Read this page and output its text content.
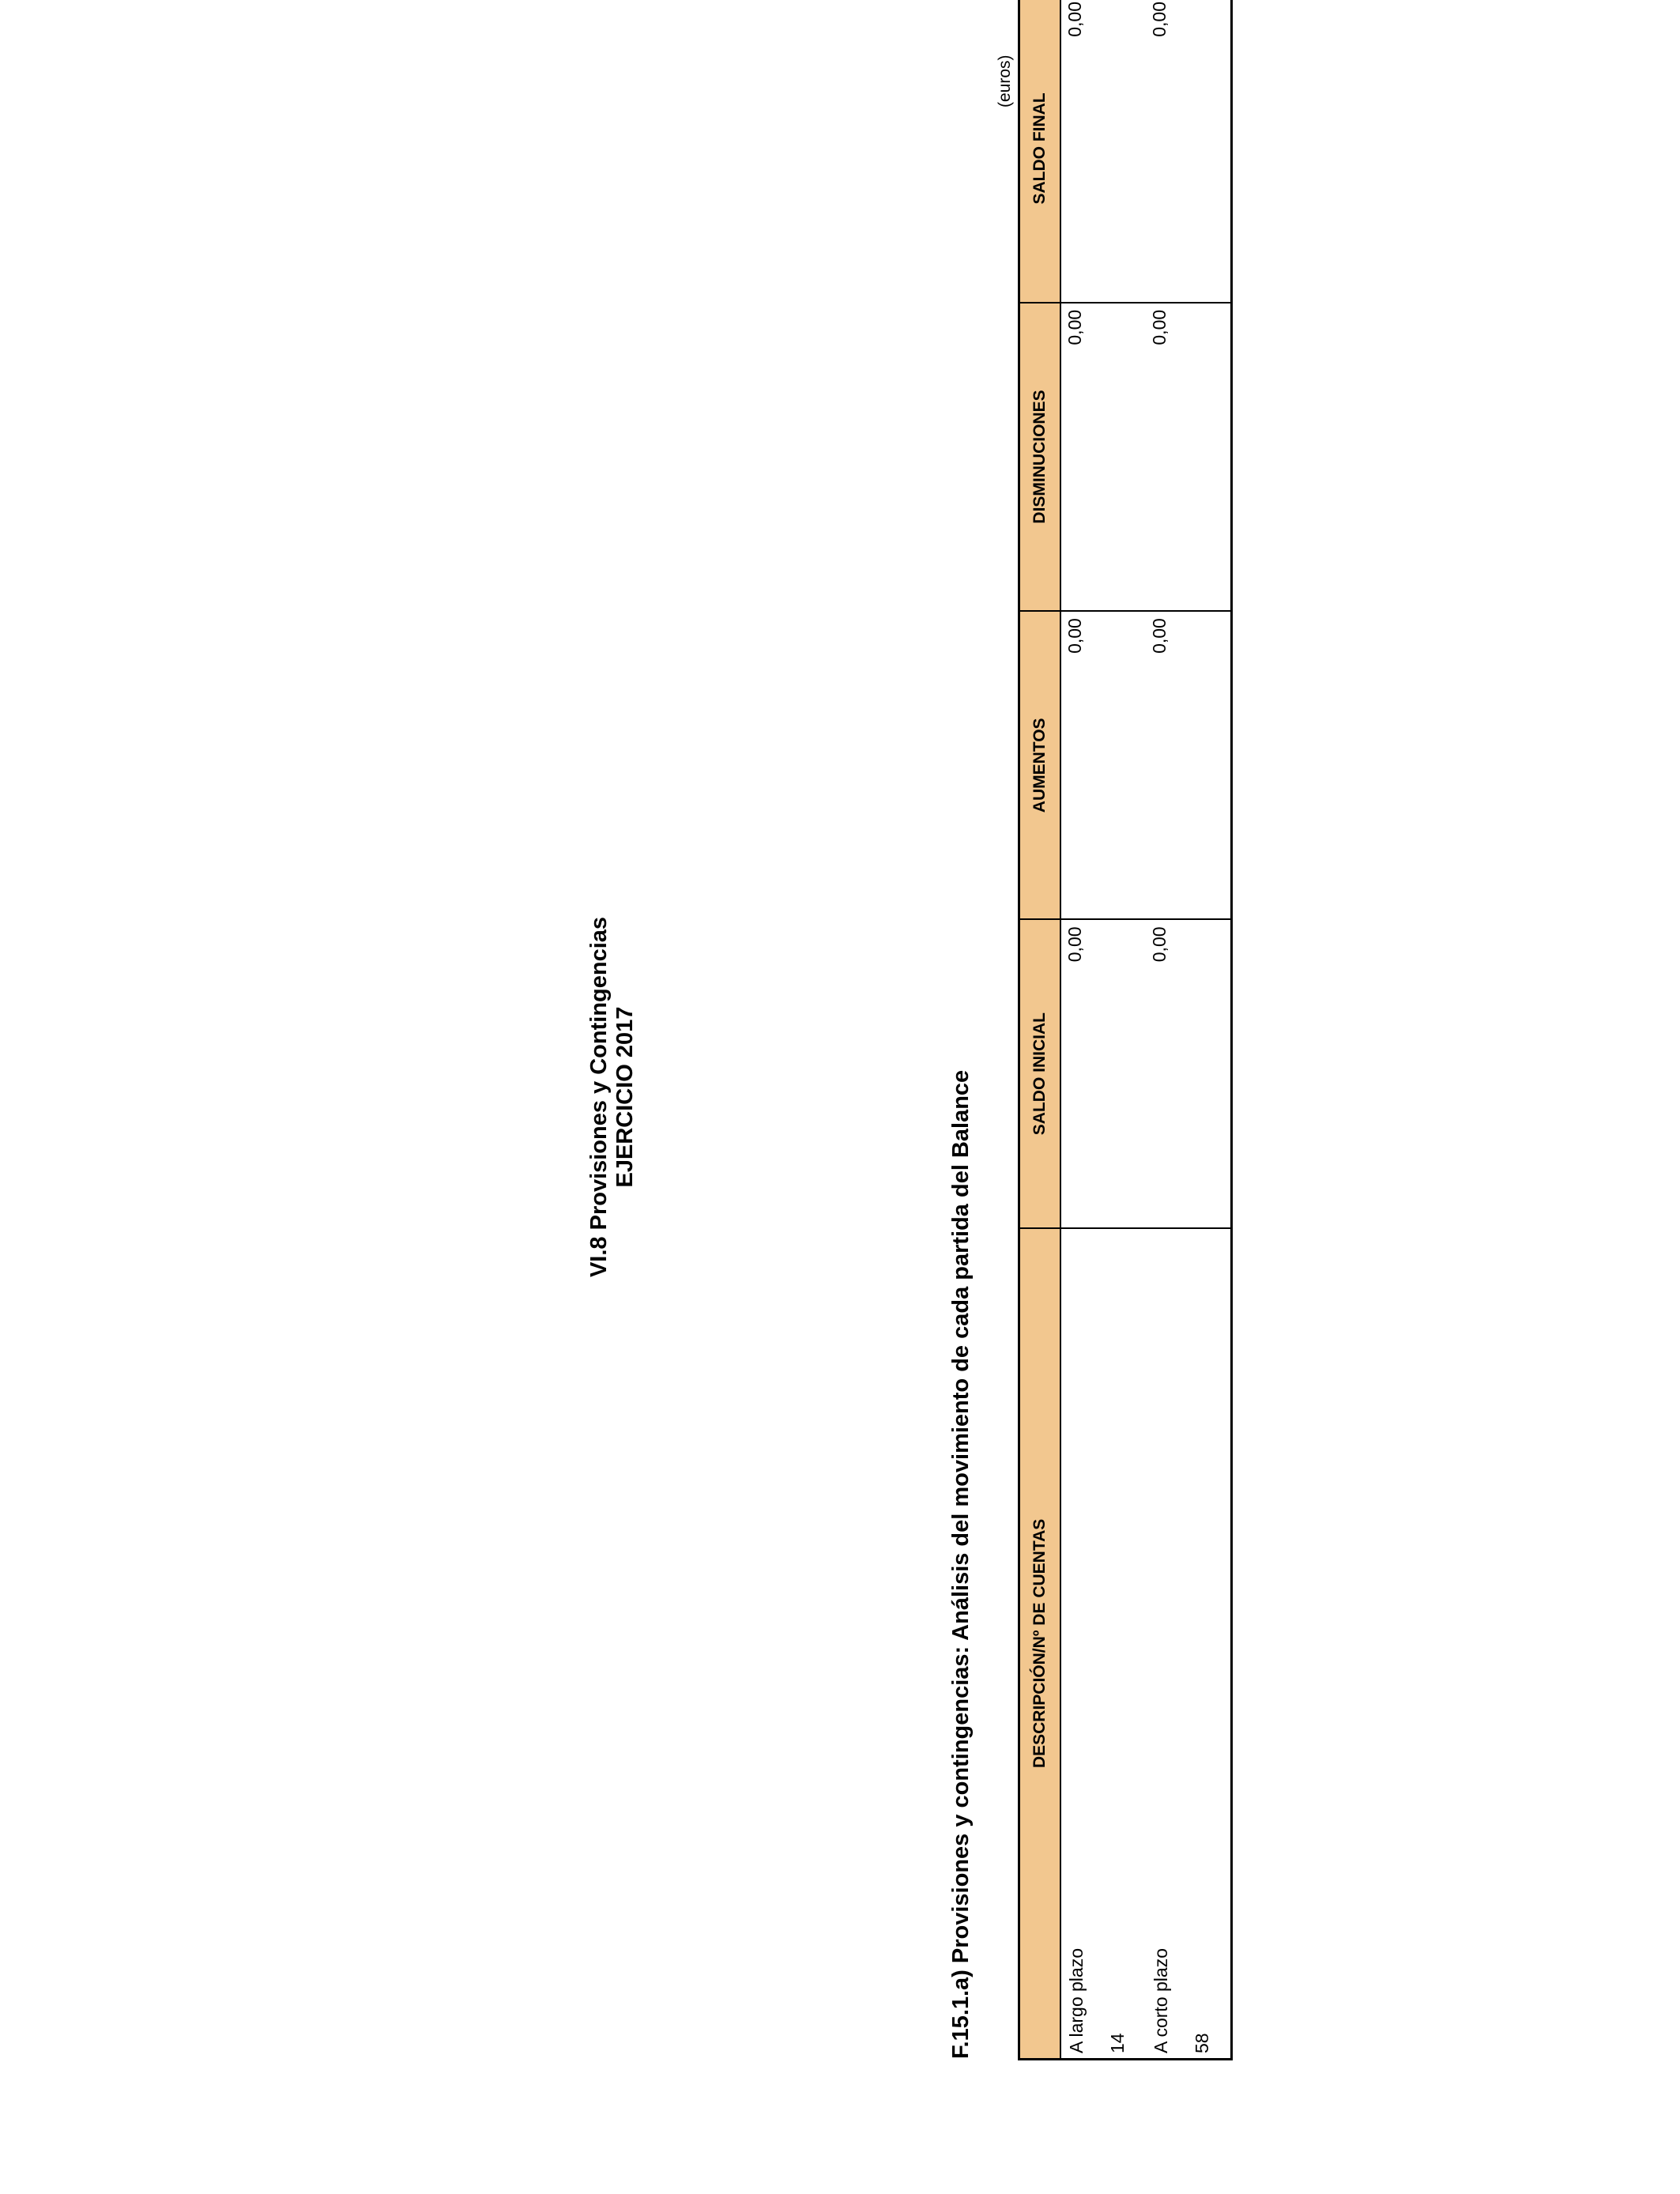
VI.8 Provisiones y Contingencias EJERCICIO 2017	F.15.1.a) Provisiones y contingencias: Análisis del movimiento de cada partida del Balance
(euros)
DESCRIPCIÓN/Nº DE CUENTAS	SALDO INICIAL	AUMENTOS	DISMINUCIONES	SALDO FINAL

A largo plazo	0,00	0,00	0,00	0,00

14				

A corto plazo	0,00	0,00	0,00	0,00

58				
